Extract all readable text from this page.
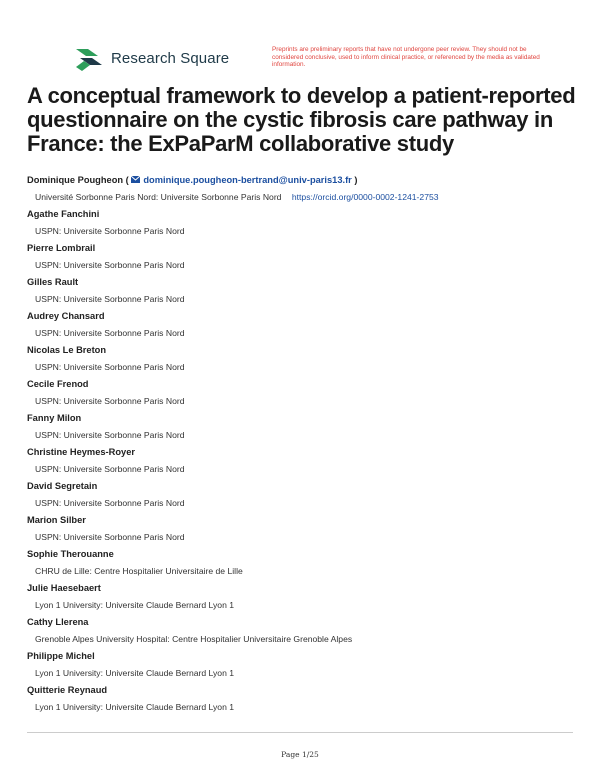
Research Square	Preprints are preliminary reports that have not undergone peer review. They should not be considered conclusive, used to inform clinical practice, or referenced by the media as validated information.
A conceptual framework to develop a patient-reported questionnaire on the cystic fibrosis care pathway in France: the ExPaParM collaborative study
Dominique Pougheon ( dominique.pougheon-bertrand@univ-paris13.fr )
Université Sorbonne Paris Nord: Universite Sorbonne Paris Nord https://orcid.org/0000-0002-1241-2753
Agathe Fanchini
USPN: Universite Sorbonne Paris Nord
Pierre Lombrail
USPN: Universite Sorbonne Paris Nord
Gilles Rault
USPN: Universite Sorbonne Paris Nord
Audrey Chansard
USPN: Universite Sorbonne Paris Nord
Nicolas Le Breton
USPN: Universite Sorbonne Paris Nord
Cecile Frenod
USPN: Universite Sorbonne Paris Nord
Fanny Milon
USPN: Universite Sorbonne Paris Nord
Christine Heymes-Royer
USPN: Universite Sorbonne Paris Nord
David Segretain
USPN: Universite Sorbonne Paris Nord
Marion Silber
USPN: Universite Sorbonne Paris Nord
Sophie Therouanne
CHRU de Lille: Centre Hospitalier Universitaire de Lille
Julie Haesebaert
Lyon 1 University: Universite Claude Bernard Lyon 1
Cathy Llerena
Grenoble Alpes University Hospital: Centre Hospitalier Universitaire Grenoble Alpes
Philippe Michel
Lyon 1 University: Universite Claude Bernard Lyon 1
Quitterie Reynaud
Lyon 1 University: Universite Claude Bernard Lyon 1
Page 1/25
